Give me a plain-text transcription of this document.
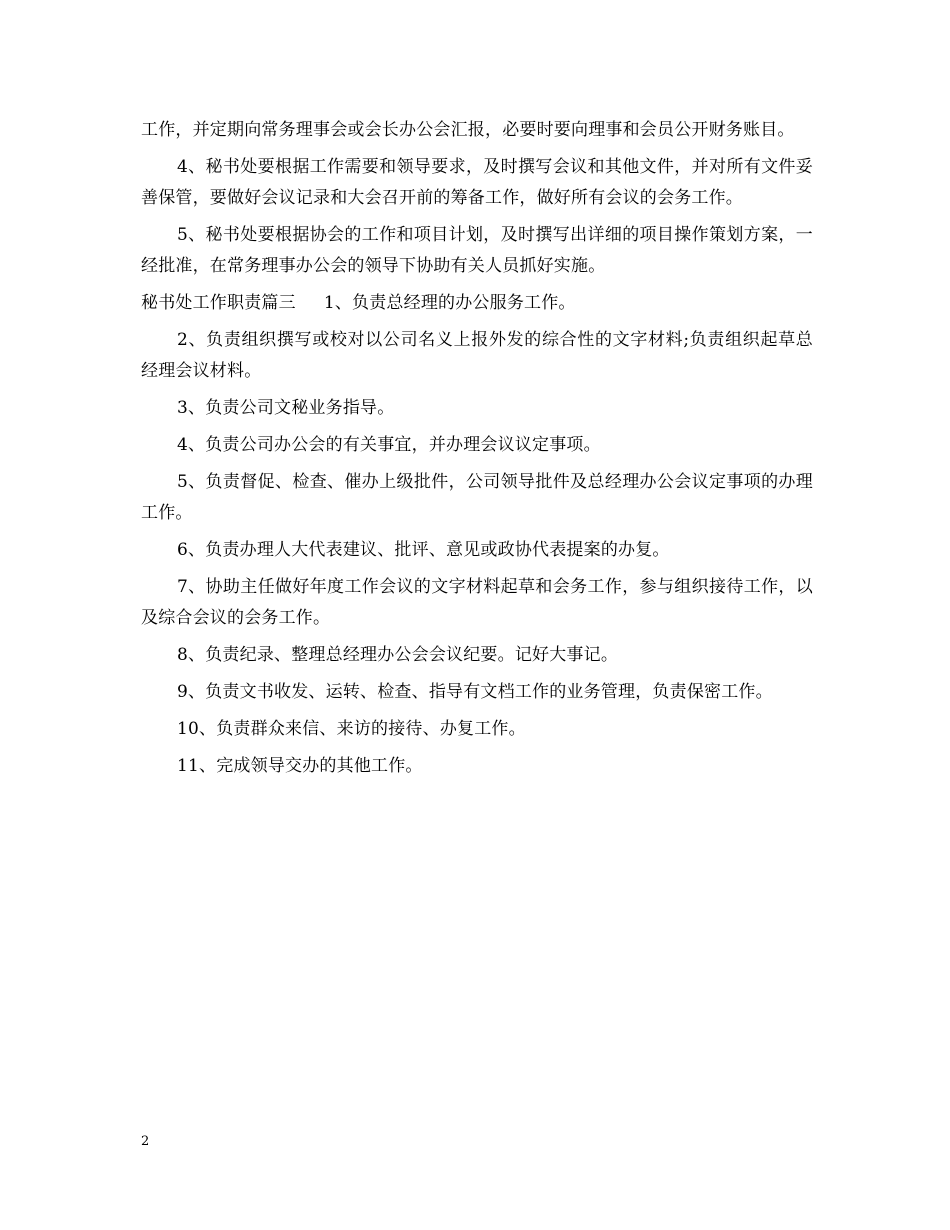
工作，并定期向常务理事会或会长办公会汇报，必要时要向理事和会员公开财务账目。

4、秘书处要根据工作需要和领导要求，及时撰写会议和其他文件，并对所有文件妥善保管，要做好会议记录和大会召开前的筹备工作，做好所有会议的会务工作。

5、秘书处要根据协会的工作和项目计划，及时撰写出详细的项目操作策划方案，一经批准，在常务理事办公会的领导下协助有关人员抓好实施。

秘书处工作职责篇三 1、负责总经理的办公服务工作。

2、负责组织撰写或校对以公司名义上报外发的综合性的文字材料;负责组织起草总经理会议材料。

3、负责公司文秘业务指导。

4、负责公司办公会的有关事宜，并办理会议议定事项。

5、负责督促、检查、催办上级批件，公司领导批件及总经理办公会议定事项的办理工作。

6、负责办理人大代表建议、批评、意见或政协代表提案的办复。

7、协助主任做好年度工作会议的文字材料起草和会务工作，参与组织接待工作，以及综合会议的会务工作。

8、负责纪录、整理总经理办公会会议纪要。记好大事记。

9、负责文书收发、运转、检查、指导有文档工作的业务管理，负责保密工作。

10、负责群众来信、来访的接待、办复工作。

11、完成领导交办的其他工作。

2
